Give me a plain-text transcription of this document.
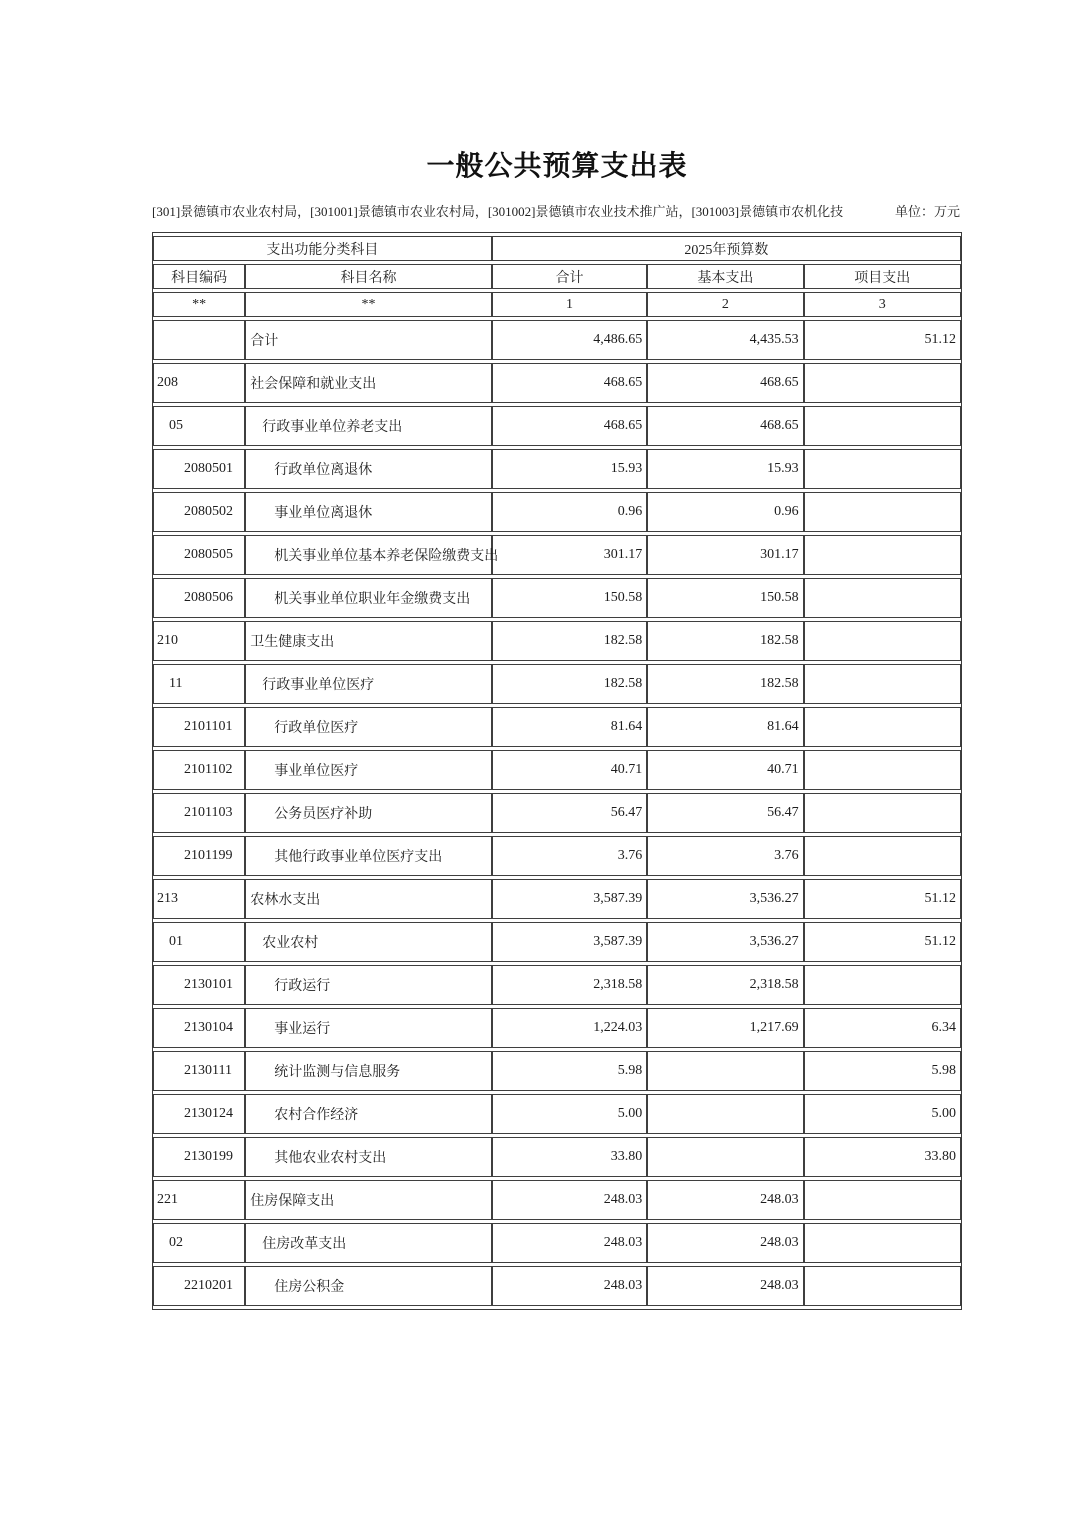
一般公共预算支出表
[301]景德镇市农业农村局，[301001]景德镇市农业农村局，[301002]景德镇市农业技术推广站，[301003]景德镇市农机化技	单位：万元
支出功能分类科目		2025年预算数		
科目编码	科目名称	合计	基本支出	项目支出
**	**	1	2	3
	合计	4,486.65	4,435.53	51.12
208	社会保障和就业支出	468.65	468.65	
05	行政事业单位养老支出	468.65	468.65	
2080501	行政单位离退休	15.93	15.93	
2080502	事业单位离退休	0.96	0.96	
2080505	机关事业单位基本养老保险缴费支出	301.17	301.17	
2080506	机关事业单位职业年金缴费支出	150.58	150.58	
210	卫生健康支出	182.58	182.58	
11	行政事业单位医疗	182.58	182.58	
2101101	行政单位医疗	81.64	81.64	
2101102	事业单位医疗	40.71	40.71	
2101103	公务员医疗补助	56.47	56.47	
2101199	其他行政事业单位医疗支出	3.76	3.76	
213	农林水支出	3,587.39	3,536.27	51.12
01	农业农村	3,587.39	3,536.27	51.12
2130101	行政运行	2,318.58	2,318.58	
2130104	事业运行	1,224.03	1,217.69	6.34
2130111	统计监测与信息服务	5.98		5.98
2130124	农村合作经济	5.00		5.00
2130199	其他农业农村支出	33.80		33.80
221	住房保障支出	248.03	248.03	
02	住房改革支出	248.03	248.03	
2210201	住房公积金	248.03	248.03	
